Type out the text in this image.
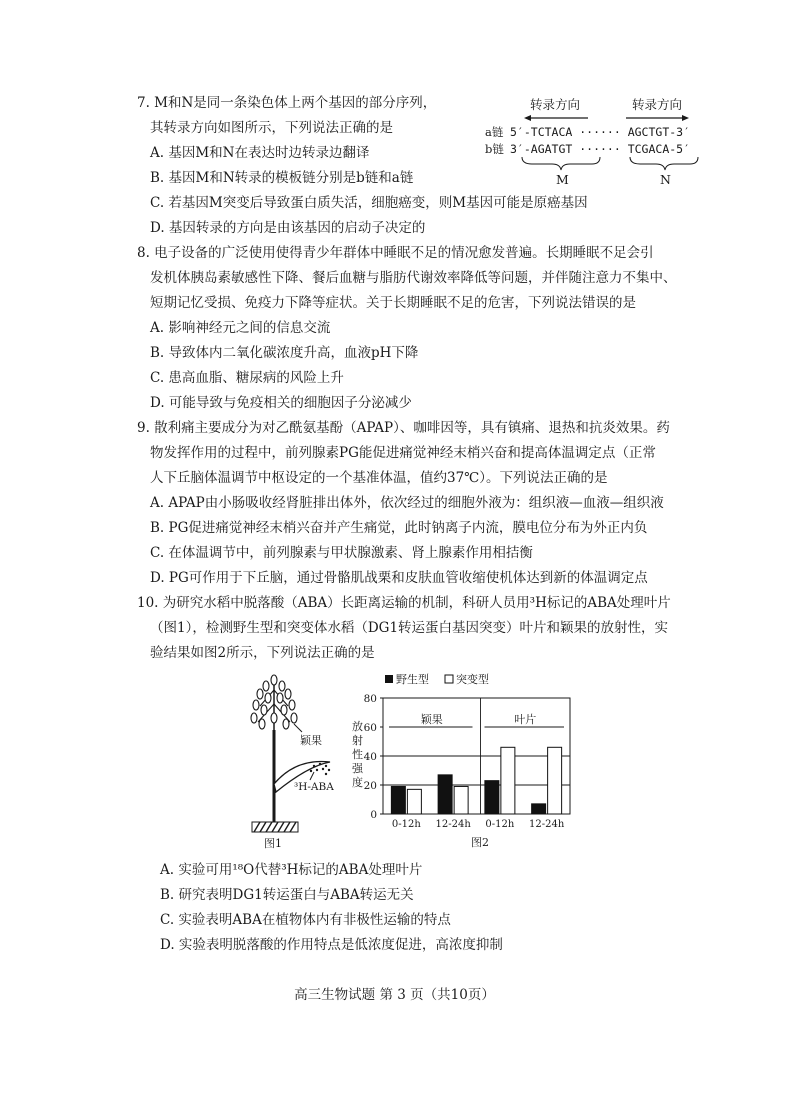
7. M和N是同一条染色体上两个基因的部分序列，
其转录方向如图所示，下列说法正确的是
A. 基因M和N在表达时边转录边翻译
B. 基因M和N转录的模板链分别是b链和a链
C. 若基因M突变后导致蛋白质失活，细胞癌变，则M基因可能是原癌基因
D. 基因转录的方向是由该基因的启动子决定的
转录方向	转录方向
a链 5′-TCTACA ······ AGCTGT-3′
b链 3′-AGATGT ······ TCGACA-5′
M	N
8. 电子设备的广泛使用使得青少年群体中睡眠不足的情况愈发普遍。长期睡眠不足会引
发机体胰岛素敏感性下降、餐后血糖与脂肪代谢效率降低等问题，并伴随注意力不集中、
短期记忆受损、免疫力下降等症状。关于长期睡眠不足的危害，下列说法错误的是
A. 影响神经元之间的信息交流
B. 导致体内二氧化碳浓度升高，血液pH下降
C. 患高血脂、糖尿病的风险上升
D. 可能导致与免疫相关的细胞因子分泌减少
9. 散利痛主要成分为对乙酰氨基酚（APAP）、咖啡因等，具有镇痛、退热和抗炎效果。药
物发挥作用的过程中，前列腺素PG能促进痛觉神经末梢兴奋和提高体温调定点（正常
人下丘脑体温调节中枢设定的一个基准体温，值约37℃）。下列说法正确的是
A. APAP由小肠吸收经肾脏排出体外，依次经过的细胞外液为：组织液—血液—组织液
B. PG促进痛觉神经末梢兴奋并产生痛觉，此时钠离子内流，膜电位分布为外正内负
C. 在体温调节中，前列腺素与甲状腺激素、肾上腺素作用相拮衡
D. PG可作用于下丘脑，通过骨骼肌战栗和皮肤血管收缩使机体达到新的体温调定点
10. 为研究水稻中脱落酸（ABA）长距离运输的机制，科研人员用³H标记的ABA处理叶片
（图1），检测野生型和突变体水稻（DG1转运蛋白基因突变）叶片和颖果的放射性，实
验结果如图2所示，下列说法正确的是
颖果
³H-ABA
图1
野生型 突变型
放
射
性
强
度
图2
0
20
40
60
80
颖果	叶片
0-12h 12-24h 0-12h 12-24h
A. 实验可用¹⁸O代替³H标记的ABA处理叶片
B. 研究表明DG1转运蛋白与ABA转运无关
C. 实验表明ABA在植物体内有非极性运输的特点
D. 实验表明脱落酸的作用特点是低浓度促进，高浓度抑制
高三生物试题 第 3 页（共10页）
